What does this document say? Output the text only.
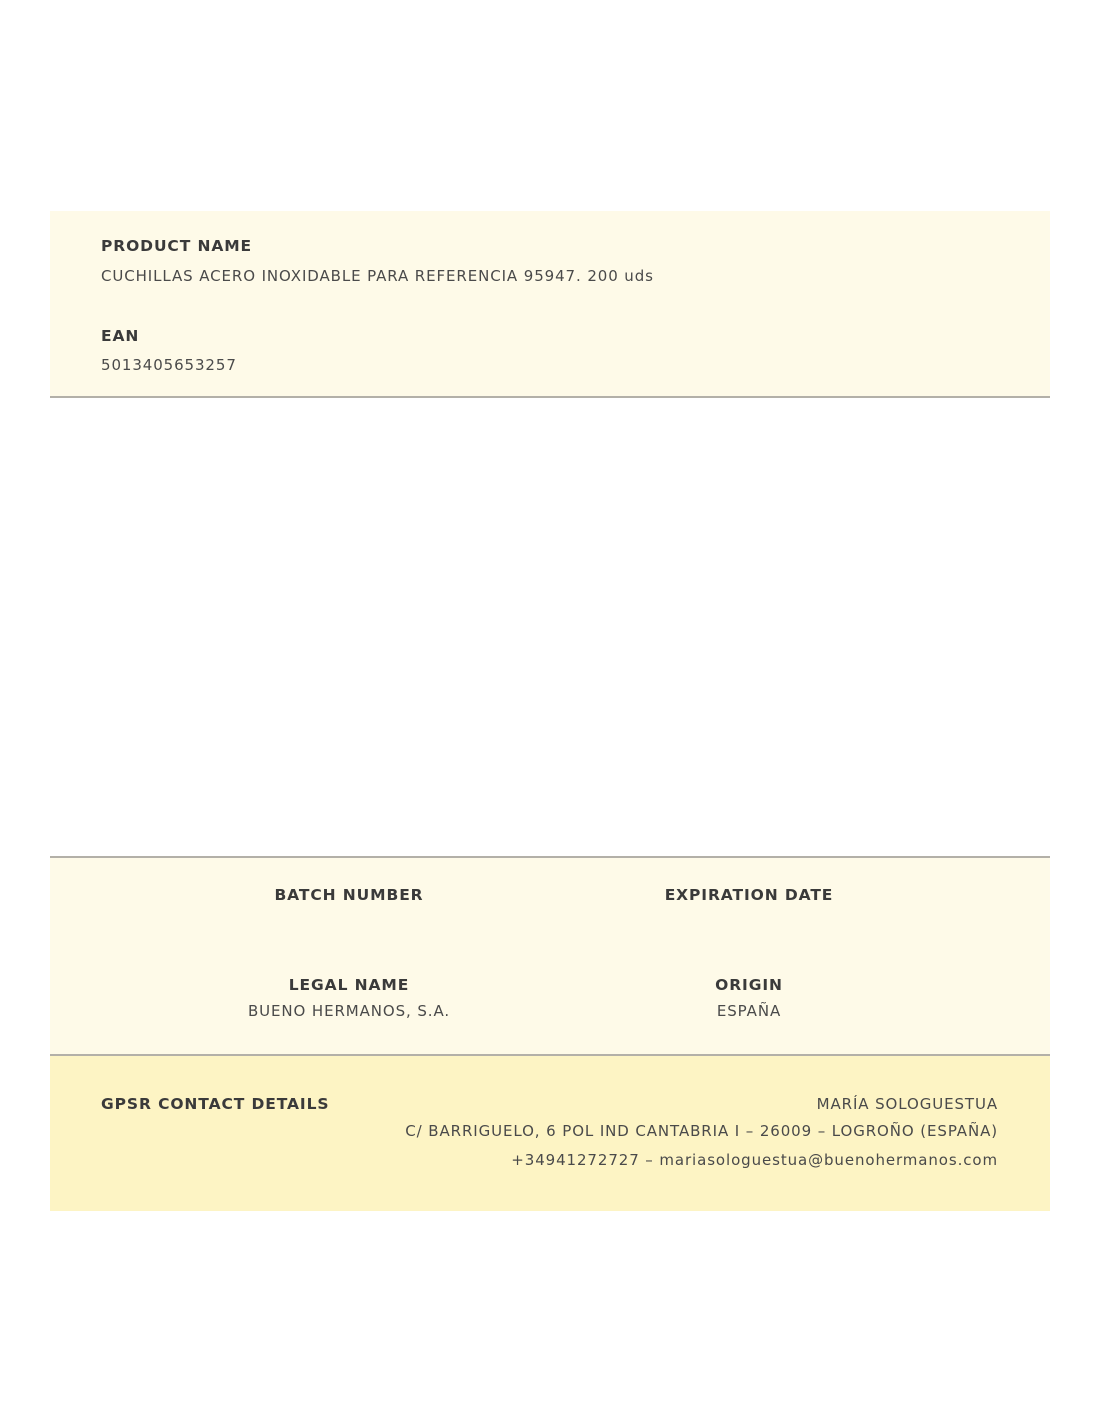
PRODUCT NAME
CUCHILLAS ACERO INOXIDABLE PARA REFERENCIA 95947. 200 uds
EAN
5013405653257
BATCH NUMBER	EXPIRATION DATE
LEGAL NAME
BUENO HERMANOS, S.A.
ORIGIN
ESPAÑA
GPSR CONTACT DETAILS	MARÍA SOLOGUESTUA
C/ BARRIGUELO, 6 POL IND CANTABRIA I – 26009 – LOGROÑO (ESPAÑA)
+34941272727 – mariasologuestua@buenohermanos.com
